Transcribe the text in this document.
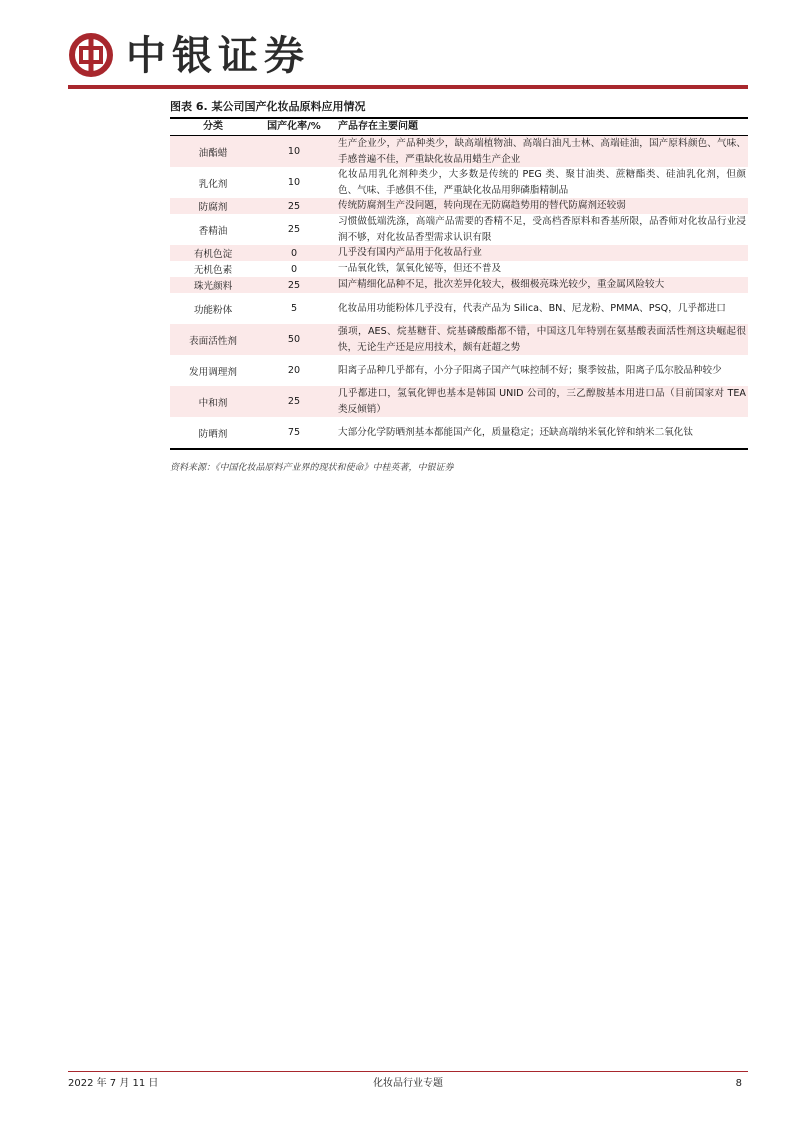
中银证券
图表 6. 某公司国产化妆品原料应用情况
分类	国产化率/%	产品存在主要问题
油酯蜡	10	生产企业少，产品种类少，缺高端植物油、高端白油凡士林、高端硅油，国产原料颜色、气味、手感普遍不佳，严重缺化妆品用蜡生产企业
乳化剂	10	化妆品用乳化剂种类少，大多数是传统的 PEG 类、聚甘油类、蔗糖酯类、硅油乳化剂，但颜色、气味、手感俱不佳，严重缺化妆品用卵磷脂精制品
防腐剂	25	传统防腐剂生产没问题，转向现在无防腐趋势用的替代防腐剂还较弱
香精油	25	习惯做低端洗涤，高端产品需要的香精不足，受高档香原料和香基所限，品香师对化妆品行业浸润不够，对化妆品香型需求认识有限
有机色淀	0	几乎没有国内产品用于化妆品行业
无机色素	0	一品氧化铁，氯氧化铋等，但还不普及
珠光颜料	25	国产精细化品种不足，批次差异化较大，极细极亮珠光较少，重金属风险较大
功能粉体	5	化妆品用功能粉体几乎没有，代表产品为 Silica、BN、尼龙粉、PMMA、PSQ，几乎都进口
表面活性剂	50	强项，AES、烷基糖苷、烷基磷酸酯都不错，中国这几年特别在氨基酸表面活性剂这块崛起很快，无论生产还是应用技术，颇有赶超之势
发用调理剂	20	阳离子品种几乎都有，小分子阳离子国产气味控制不好；聚季铵盐，阳离子瓜尔胶品种较少
中和剂	25	几乎都进口，氢氧化钾也基本是韩国 UNID 公司的，三乙醇胺基本用进口品（目前国家对 TEA 类反倾销）
防晒剂	75	大部分化学防晒剂基本都能国产化，质量稳定；还缺高端纳米氧化锌和纳米二氧化钛
资料来源：《中国化妆品原料产业界的现状和使命》中桂英著，中银证券
2022 年 7 月 11 日	化妆品行业专题	8
